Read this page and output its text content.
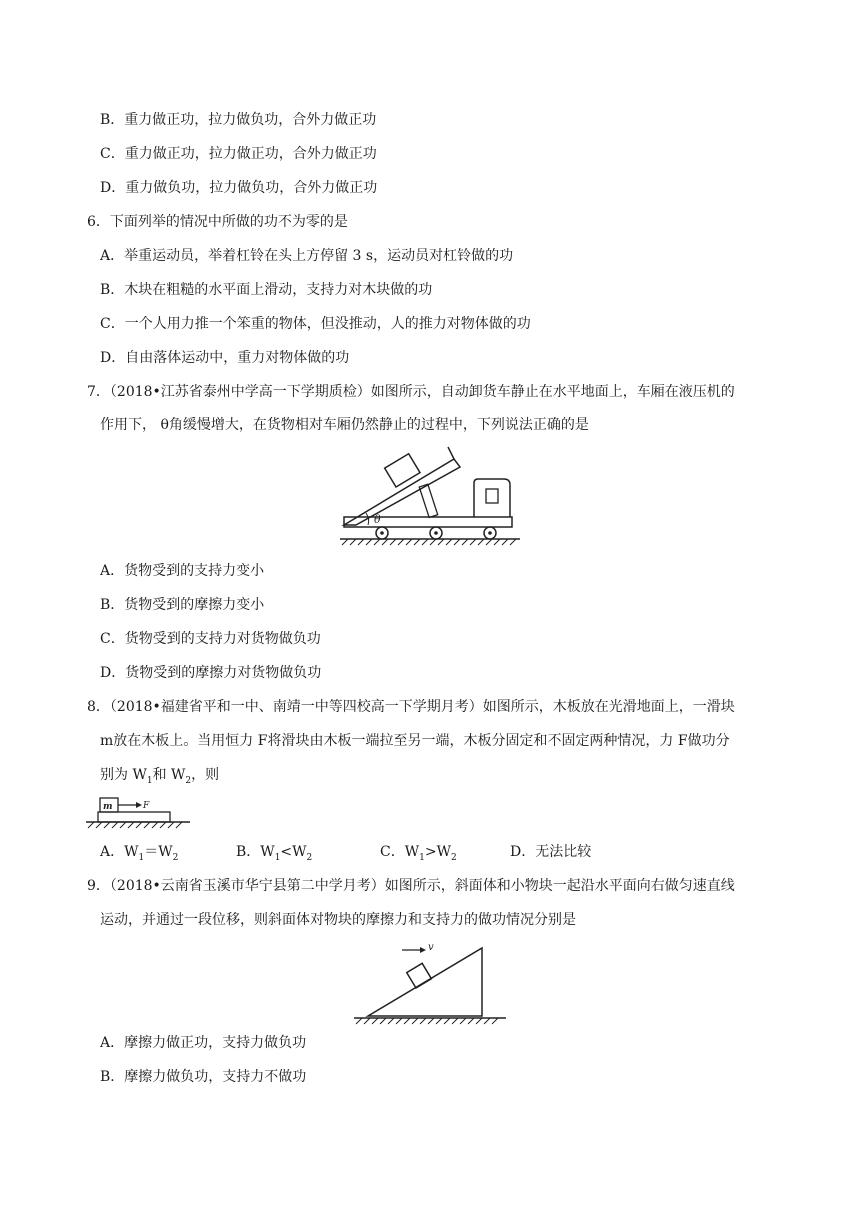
B．重力做正功，拉力做负功，合外力做正功
C．重力做正功，拉力做正功，合外力做正功
D．重力做负功，拉力做负功，合外力做正功
6．下面列举的情况中所做的功不为零的是
A．举重运动员，举着杠铃在头上方停留 3 s，运动员对杠铃做的功
B．木块在粗糙的水平面上滑动，支持力对木块做的功
C．一个人用力推一个笨重的物体，但没推动，人的推力对物体做的功
D．自由落体运动中，重力对物体做的功
7．（2018•江苏省泰州中学高一下学期质检）如图所示，自动卸货车静止在水平地面上，车厢在液压机的
作用下， θ角缓慢增大，在货物相对车厢仍然静止的过程中，下列说法正确的是
θ
A．货物受到的支持力变小
B．货物受到的摩擦力变小
C．货物受到的支持力对货物做负功
D．货物受到的摩擦力对货物做负功
8．（2018•福建省平和一中、南靖一中等四校高一下学期月考）如图所示，木板放在光滑地面上，一滑块
m放在木板上。当用恒力 F将滑块由木板一端拉至另一端，木板分固定和不固定两种情况，力 F做功分
别为 $W_1$和 $W_2$，则
m	F
A．$W_1=W_2$	B．$W_1<W_2$	C．$W_1>W_2$	D．无法比较
9．（2018•云南省玉溪市华宁县第二中学月考）如图所示，斜面体和小物块一起沿水平面向右做匀速直线
运动，并通过一段位移，则斜面体对物块的摩擦力和支持力的做功情况分别是
v
A．摩擦力做正功，支持力做负功
B．摩擦力做负功，支持力不做功
